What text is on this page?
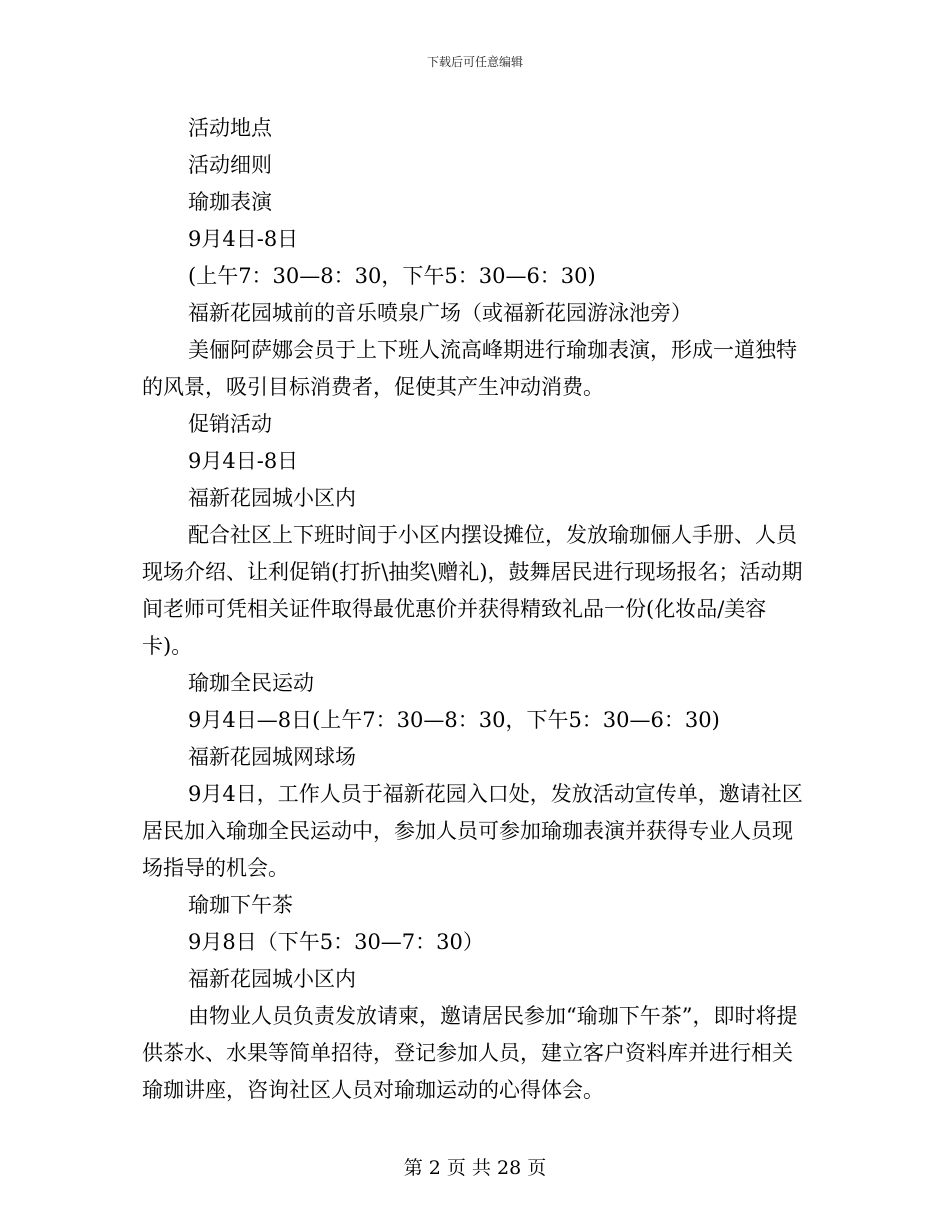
下载后可任意编辑

活动地点

活动细则

瑜珈表演

9月4日-8日

(上午7：30—8：30，下午5：30—6：30)

福新花园城前的音乐喷泉广场（或福新花园游泳池旁）

美俪阿萨娜会员于上下班人流高峰期进行瑜珈表演，形成一道独特的风景，吸引目标消费者，促使其产生冲动消费。

促销活动

9月4日-8日

福新花园城小区内

配合社区上下班时间于小区内摆设摊位，发放瑜珈俪人手册、人员现场介绍、让利促销(打折\抽奖\赠礼)，鼓舞居民进行现场报名；活动期间老师可凭相关证件取得最优惠价并获得精致礼品一份(化妆品/美容卡)。

瑜珈全民运动

9月4日—8日(上午7：30—8：30，下午5：30—6：30)

福新花园城网球场

9月4日，工作人员于福新花园入口处，发放活动宣传单，邀请社区居民加入瑜珈全民运动中，参加人员可参加瑜珈表演并获得专业人员现场指导的机会。

瑜珈下午茶

9月8日（下午5：30—7：30）

福新花园城小区内

由物业人员负责发放请柬，邀请居民参加“瑜珈下午茶”，即时将提供茶水、水果等简单招待，登记参加人员，建立客户资料库并进行相关瑜珈讲座，咨询社区人员对瑜珈运动的心得体会。

第 2 页 共 28 页
